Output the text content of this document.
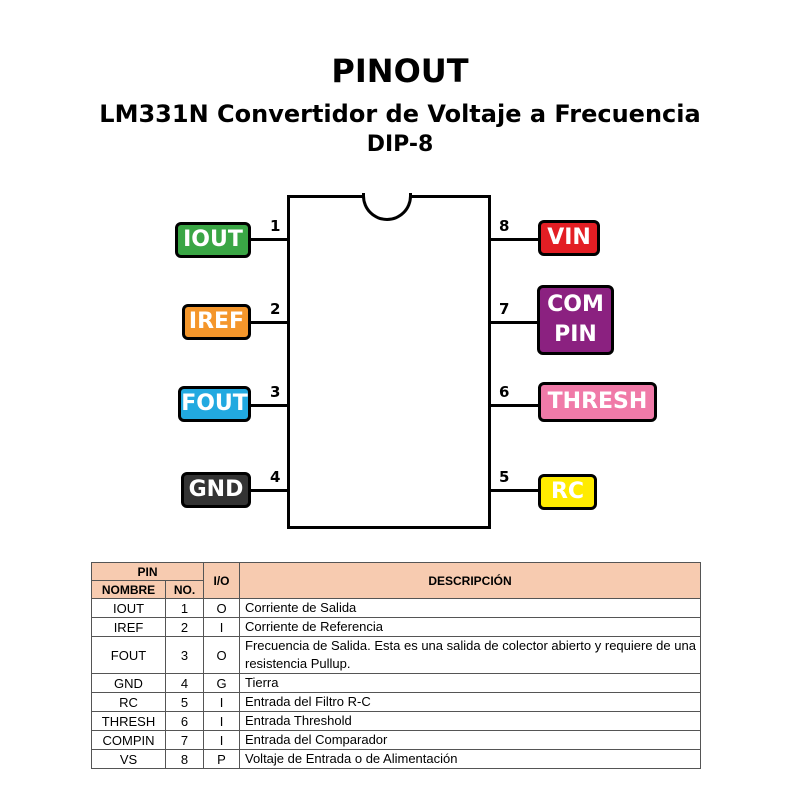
PINOUT
LM331N Convertidor de Voltaje a Frecuencia
DIP-8
1
IOUT
2
IREF
3
FOUT
4
GND
8	VIN
7	COM
PIN
6	THRESH
5
RC
PIN		I/O	DESCRIPCIÓN
NOMBRE	NO.		
IOUT	1	O	Corriente de Salida
IREF	2	I	Corriente de Referencia
FOUT	3	O	Frecuencia de Salida. Esta es una salida de colector abierto y requiere de una resistencia Pullup.
GND	4	G	Tierra
RC	5	I	Entrada del Filtro R-C
THRESH	6	I	Entrada Threshold
COMPIN	7	I	Entrada del Comparador
VS	8	P	Voltaje de Entrada o de Alimentación
